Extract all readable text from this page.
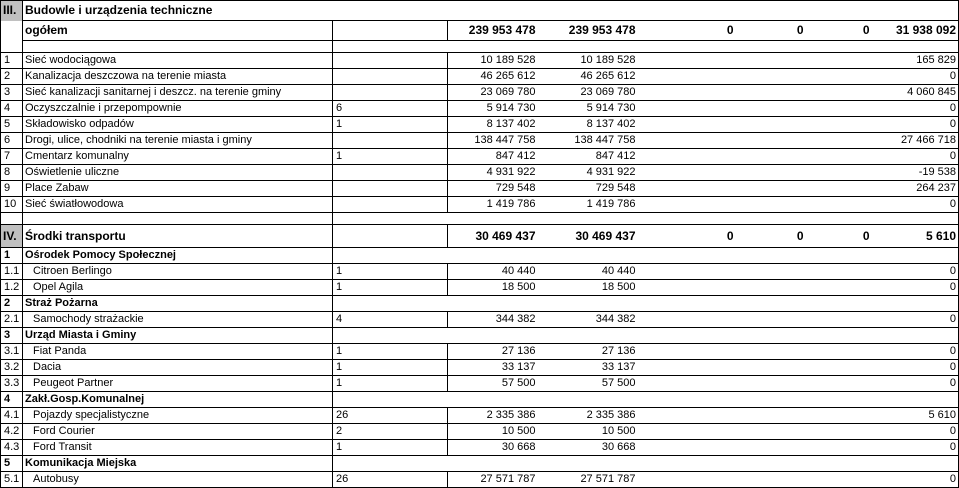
III.	Budowle i urządzenia techniczne							
	ogółem		239 953 478	239 953 478	0	0	0	31 938 092

1	Sieć wodociągowa		10 189 528	10 189 528				165 829
2	Kanalizacja deszczowa na terenie miasta		46 265 612	46 265 612				0
3	Sieć kanalizacji sanitarnej i deszcz. na terenie gminy		23 069 780	23 069 780				4 060 845
4	Oczyszczalnie i przepompownie	6	5 914 730	5 914 730				0
5	Składowisko odpadów	1	8 137 402	8 137 402				0
6	Drogi, ulice, chodniki na terenie miasta i gminy		138 447 758	138 447 758				27 466 718
7	Cmentarz komunalny	1	847 412	847 412				0
8	Oświetlenie uliczne		4 931 922	4 931 922				-19 538
9	Place Zabaw		729 548	729 548				264 237
10	Sieć światłowodowa		1 419 786	1 419 786				0

IV.	Środki transportu		30 469 437	30 469 437	0	0	0	5 610
1	Ośrodek Pomocy Społecznej							
1.1	Citroen Berlingo	1	40 440	40 440				0
1.2	Opel Agila	1	18 500	18 500				0
2	Straż Pożarna							
2.1	Samochody strażackie	4	344 382	344 382				0
3	Urząd Miasta i Gminy							
3.1	Fiat Panda	1	27 136	27 136				0
3.2	Dacia	1	33 137	33 137				0
3.3	Peugeot Partner	1	57 500	57 500				0
4	Zakł.Gosp.Komunalnej							
4.1	Pojazdy specjalistyczne	26	2 335 386	2 335 386				5 610
4.2	Ford Courier	2	10 500	10 500				0
4.3	Ford Transit	1	30 668	30 668				0
5	Komunikacja Miejska							
5.1	Autobusy	26	27 571 787	27 571 787				0
